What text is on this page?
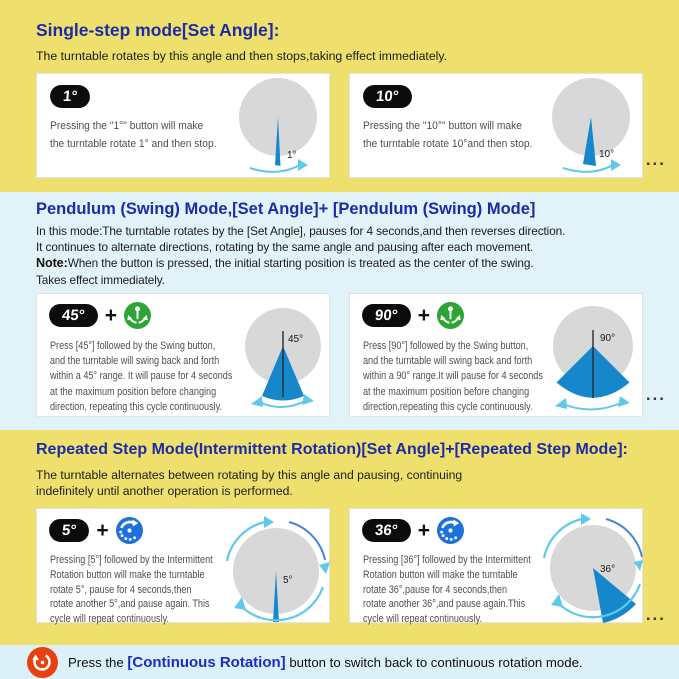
Single-step mode[Set Angle]:
The turntable rotates by this angle and then stops,taking effect immediately.
1°
Pressing the "1°" button will make
the turntable rotate 1° and then stop.
1°
10°
Pressing the "10°" button will make
the turntable rotate 10°and then stop.
10° ...
Pendulum (Swing) Mode,[Set Angle]+ [Pendulum (Swing) Mode]
In this mode:The turntable rotates by the [Set Angle], pauses for 4 seconds,and then reverses direction.
It continues to alternate directions, rotating by the same angle and pausing after each movement.
Note:When the button is pressed, the initial starting position is treated as the center of the swing.
Takes effect immediately.
45° +
Press [45°] followed by the Swing button,
and the turntable will swing back and forth
within a 45° range. It will pause for 4 seconds
at the maximum position before changing
direction, repeating this cycle continuously.
45°
90° +
Press [90°] followed by the Swing button,
and the turntable will swing back and forth
within a 90° range.It will pause for 4 seconds
at the maximum position before changing
direction,repeating this cycle continuously.
90°
...
Repeated Step Mode(Intermittent Rotation)[Set Angle]+[Repeated Step Mode]:
The turntable alternates between rotating by this angle and pausing, continuing
indefinitely until another operation is performed.
5° +
Pressing [5°] followed by the Intermittent
Rotation button will make the turntable
rotate 5°, pause for 4 seconds,then
rotate another 5°,and pause again. This
cycle will repeat continuously.
5°
36° +
Pressing [36°] followed by the Intermittent
Rotation button will make the turntable
rotate 36°,pause for 4 seconds,then
rotate another 36°,and pause again.This
cycle will repeat continuously.
36°
...
Press the [Continuous Rotation] button to switch back to continuous rotation mode.
